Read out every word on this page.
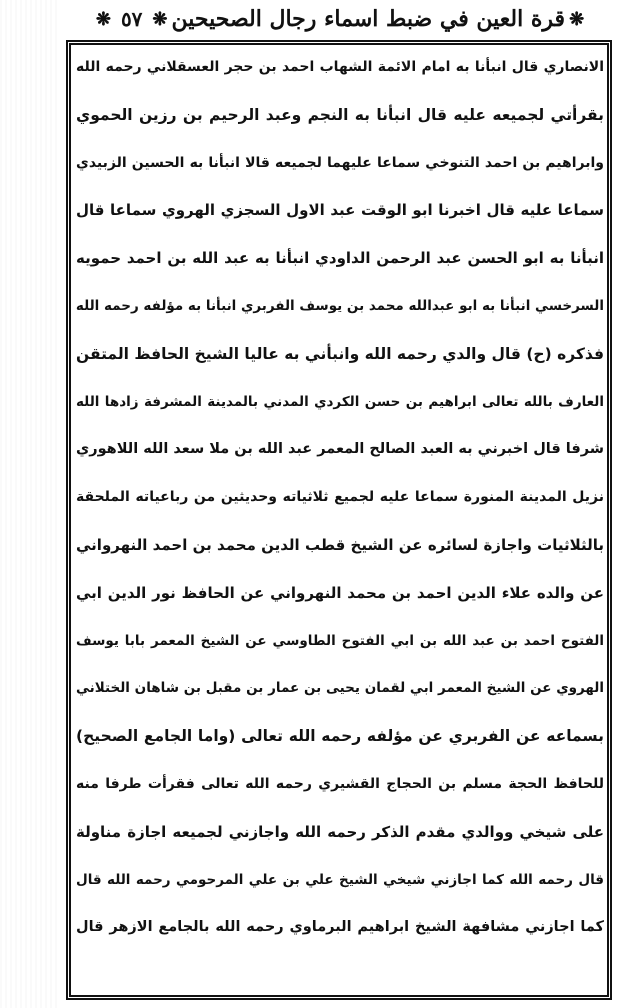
❋
قرة العين في ضبط اسماء رجال الصحيحين
❋
٥٧
❋
الانصاري قال انبأنا به امام الائمة الشهاب احمد بن حجر العسقلاني رحمه الله
بقرأتي لجميعه عليه قال انبأنا به النجم وعبد الرحيم بن رزين الحموي
وابراهيم بن احمد التنوخي سماعا عليهما لجميعه قالا انبأنا به الحسين الزبيدي
سماعا عليه قال اخبرنا ابو الوقت عبد الاول السجزي الهروي سماعا قال
انبأنا به ابو الحسن عبد الرحمن الداودي انبأنا به عبد الله بن احمد حمويه
السرخسي انبأنا به ابو عبدالله محمد بن يوسف الفربري انبأنا به مؤلفه رحمه الله
فذكره (ح) قال والدي رحمه الله وانبأني به عاليا الشيخ الحافظ المتقن
العارف بالله تعالى ابراهيم بن حسن الكردي المدني بالمدينة المشرفة زادها الله
شرفا قال اخبرني به العبد الصالح المعمر عبد الله بن ملا سعد الله اللاهوري
نزيل المدينة المنورة سماعا عليه لجميع ثلاثياته وحديثين من رباعياته الملحقة
بالثلاثيات واجازة لسائره عن الشيخ قطب الدين محمد بن احمد النهرواني
عن والده علاء الدين احمد بن محمد النهرواني عن الحافظ نور الدين ابي
الفتوح احمد بن عبد الله بن ابي الفتوح الطاوسي عن الشيخ المعمر بابا يوسف
الهروي عن الشيخ المعمر ابي لقمان يحيى بن عمار بن مقبل بن شاهان الختلاني
بسماعه عن الفربري عن مؤلفه رحمه الله تعالى (واما الجامع الصحيح)
للحافظ الحجة مسلم بن الحجاج القشيري رحمه الله تعالى فقرأت طرفا منه
على شيخي ووالدي مقدم الذكر رحمه الله واجازني لجميعه اجازة مناولة
قال رحمه الله كما اجازني شيخي الشيخ علي بن علي المرحومي رحمه الله قال
كما اجازني مشافهة الشيخ ابراهيم البرماوي رحمه الله بالجامع الازهر قال
